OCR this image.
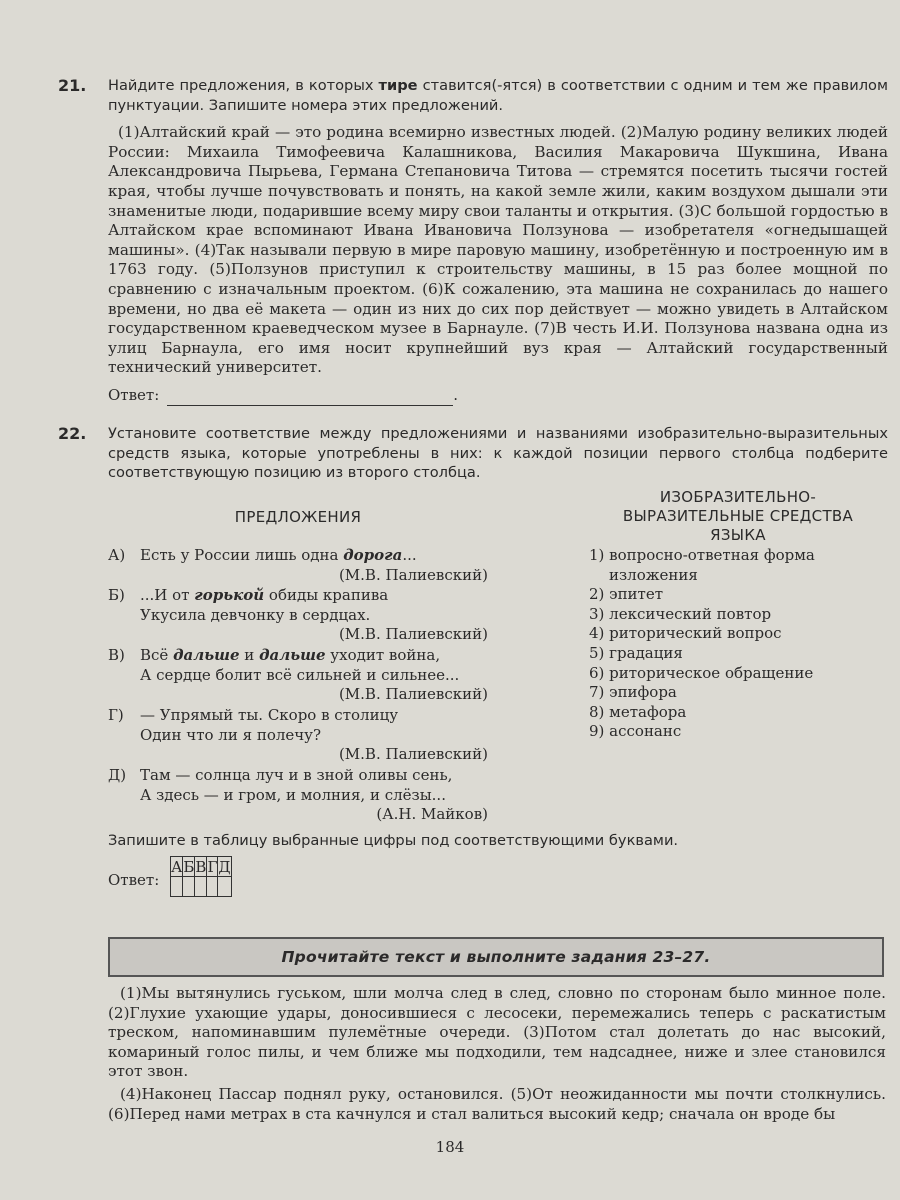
21. Найдите предложения, в которых тире ставится(-ятся) в соответствии с одним и тем же правилом пунктуации. Запишите номера этих предложений.

(1)Алтайский край — это родина всемирно известных людей. (2)Малую родину великих людей России: Михаила Тимофеевича Калашникова, Василия Макаровича Шукшина, Ивана Александровича Пырьева, Германа Степановича Титова — стремятся посетить тысячи гостей края, чтобы лучше почувствовать и понять, на какой земле жили, каким воздухом дышали эти знаменитые люди, подарившие всему миру свои таланты и открытия. (3)С большой гордостью в Алтайском крае вспоминают Ивана Ивановича Ползунова — изобретателя «огнедышащей машины». (4)Так называли первую в мире паровую машину, изобретённую и построенную им в 1763 году. (5)Ползунов приступил к строительству машины, в 15 раз более мощной по сравнению с изначальным проектом. (6)К сожалению, эта машина не сохранилась до нашего времени, но два её макета — один из них до сих пор действует — можно увидеть в Алтайском государственном краеведческом музее в Барнауле. (7)В честь И.И. Ползунова названа одна из улиц Барнаула, его имя носит крупнейший вуз края — Алтайский государственный технический университет.

Ответ:	.
22. Установите соответствие между предложениями и названиями изобразительно-выразительных средств языка, которые употреблены в них: к каждой позиции первого столбца подберите соответствующую позицию из второго столбца.

ПРЕДЛОЖЕНИЯ
ИЗОБРАЗИТЕЛЬНО-
ВЫРАЗИТЕЛЬНЫЕ СРЕДСТВА
ЯЗЫКА
А) Есть у России лишь одна дорога...
(М.В. Палиевский)
Б) ...И от горькой обиды крапива
Укусила девчонку в сердцах.
(М.В. Палиевский)
В) Всё дальше и дальше уходит война,
А сердце болит всё сильней и сильнее...
(М.В. Палиевский)
Г) — Упрямый ты. Скоро в столицу
Один что ли я полечу?
(М.В. Палиевский)
Д) Там — солнца луч и в зной оливы сень,
А здесь — и гром, и молния, и слёзы...
(А.Н. Майков)
1) вопросно-ответная форма изложения
2) эпитет
3) лексический повтор
4) риторический вопрос
5) градация
6) риторическое обращение
7) эпифора
8) метафора
9) ассонанс
Запишите в таблицу выбранные цифры под соответствующими буквами.
Ответ:
А	Б	В	Г	Д

Прочитайте текст и выполните задания 23–27.

(1)Мы вытянулись гуськом, шли молча след в след, словно по сторонам было минное поле. (2)Глухие ухающие удары, доносившиеся с лесосеки, перемежались теперь с раскатистым треском, напоминавшим пулемётные очереди. (3)Потом стал долетать до нас высокий, комариный голос пилы, и чем ближе мы подходили, тем надсаднее, ниже и злее становился этот звон.

(4)Наконец Пассар поднял руку, остановился. (5)От неожиданности мы почти столкнулись. (6)Перед нами метрах в ста качнулся и стал валиться высокий кедр; сначала он вроде бы

184
